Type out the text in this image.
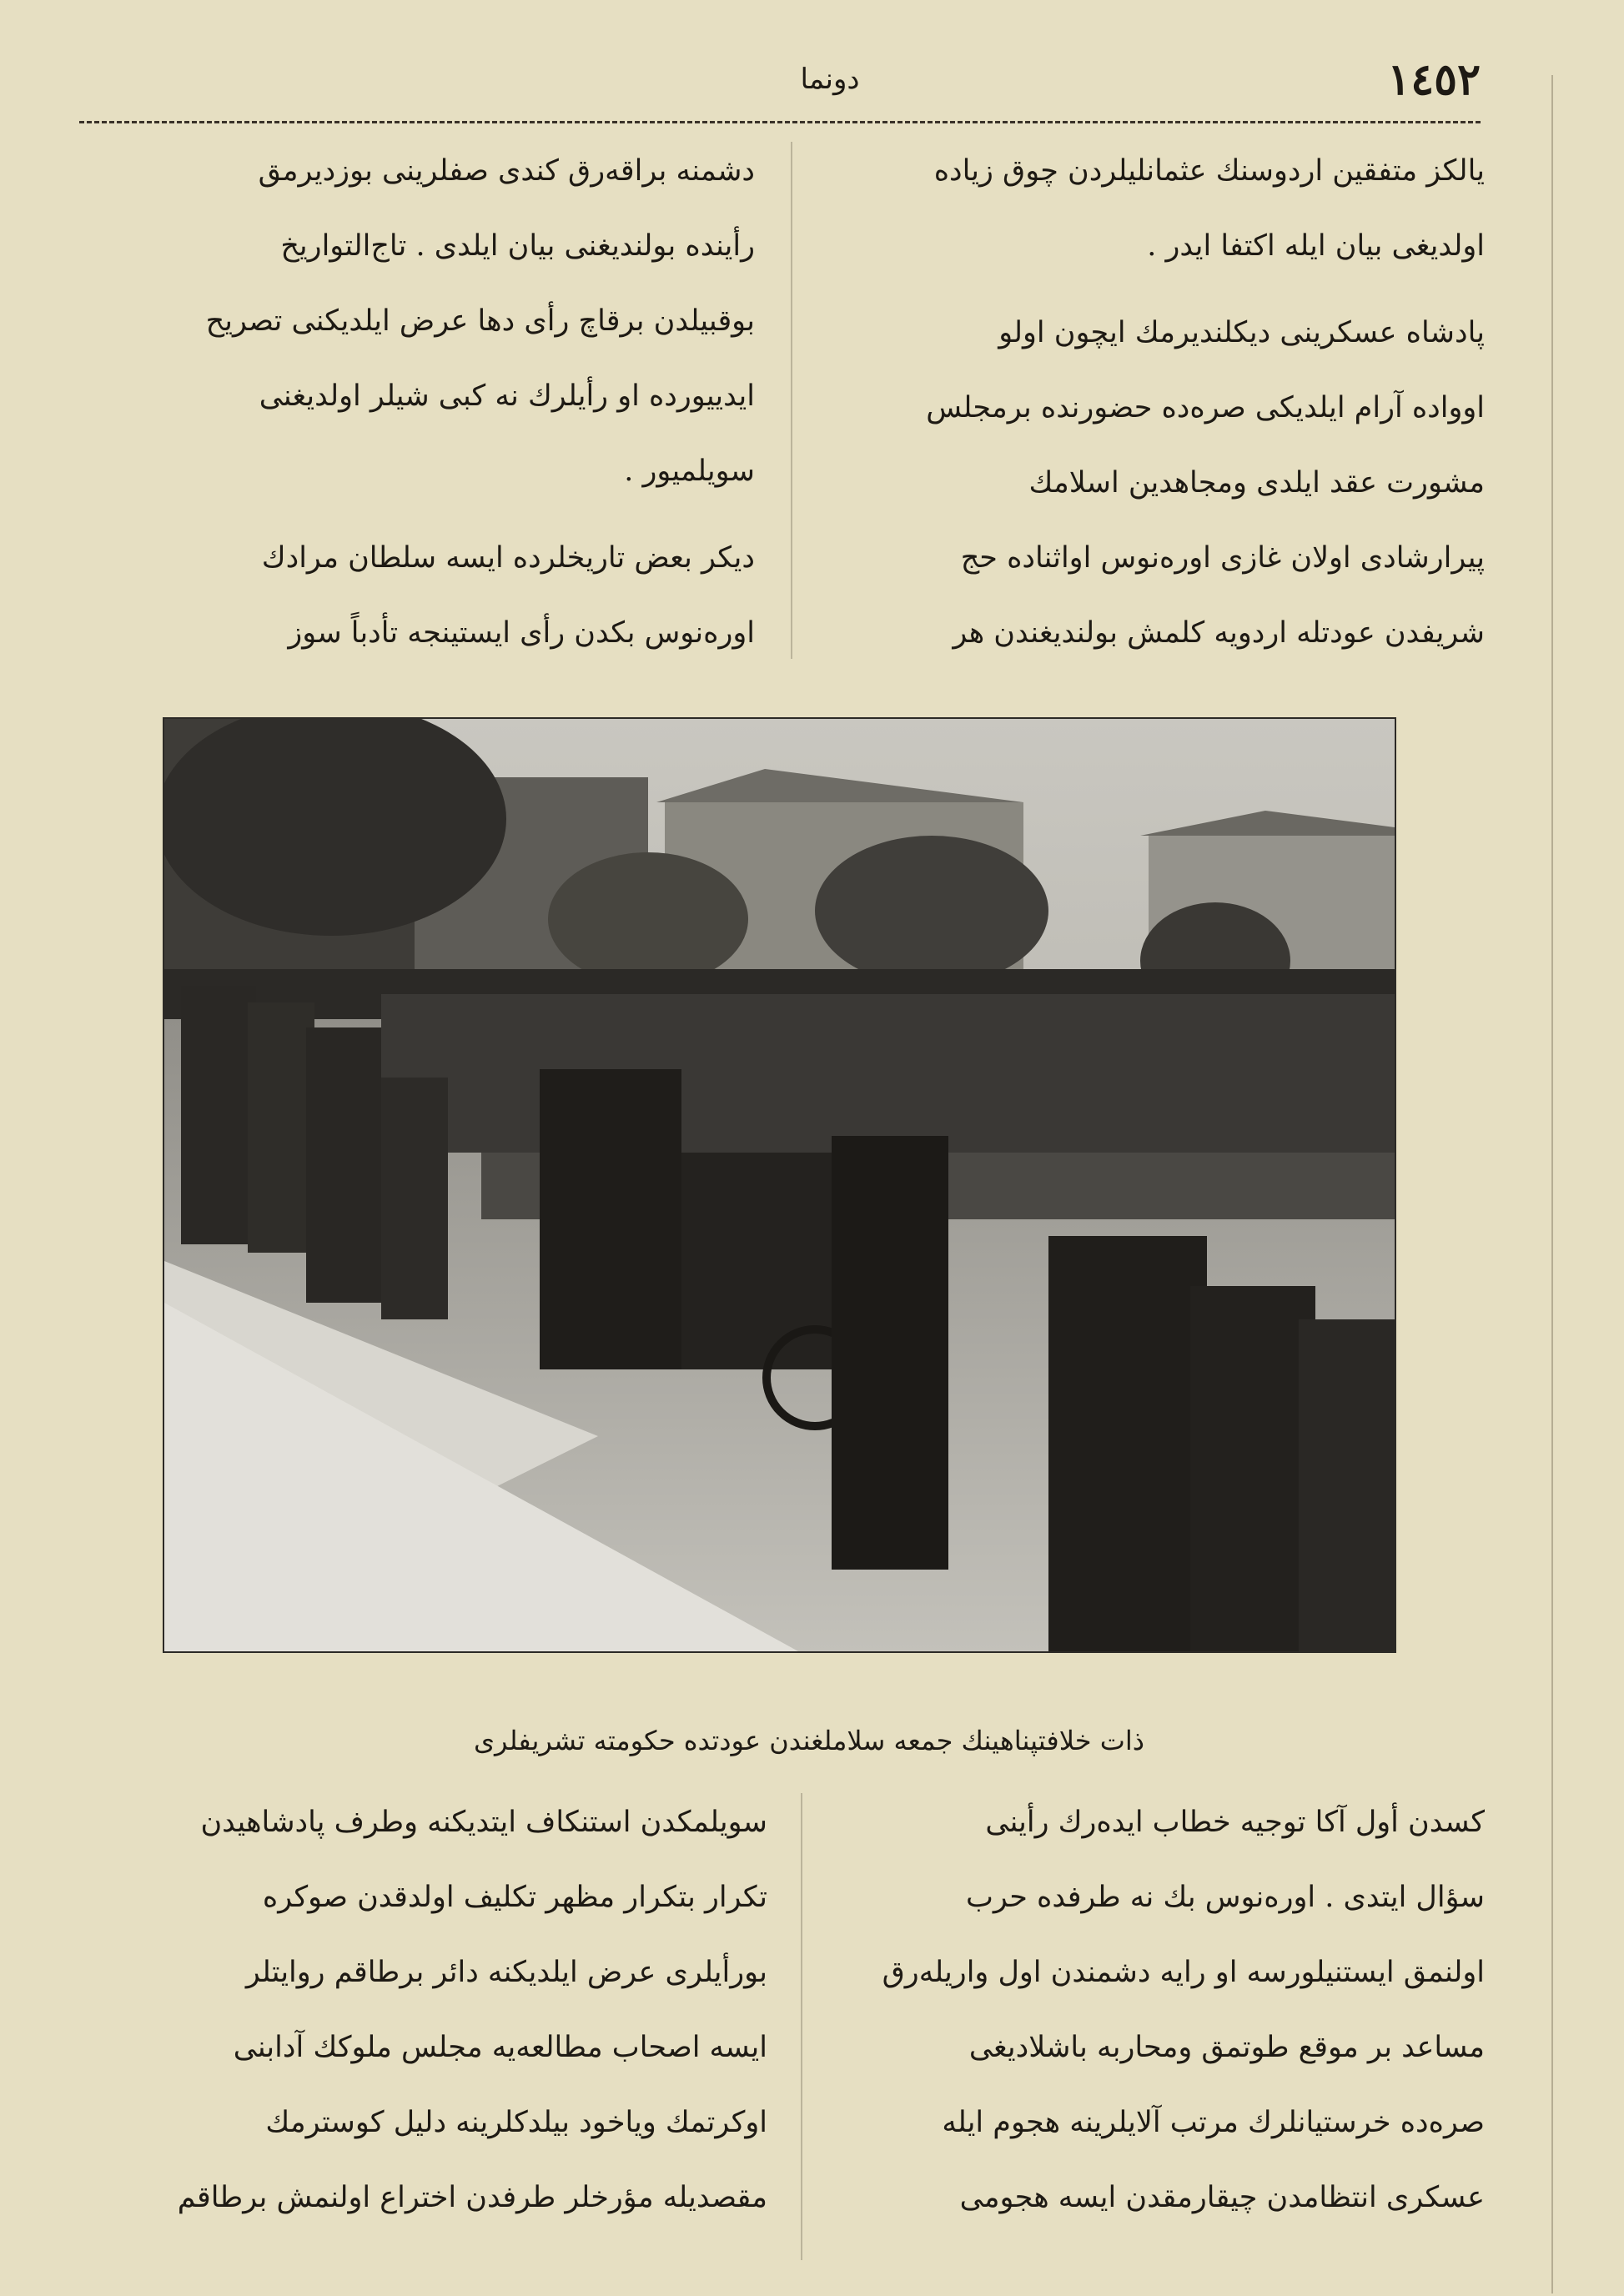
١٤٥٢
دونما
يالكز متفقين اردوسنك عثمانليلردن چوق زياده
اولديغى بيان ايله اكتفا ايدر .
پادشاه عسكرينى ديكلنديرمك ايچون اولو
اوواده آرام ايلديكى صره‌ده حضورنده برمجلس
مشورت عقد ايلدى ومجاهدين اسلامك
پيرارشادى اولان غازى اوره‌نوس اواثناده حج
شريفدن عودتله اردويه كلمش بولنديغندن هر
دشمنه براقه‌رق كندى صفلرينى بوزديرمق
رأينده بولنديغنى بيان ايلدى . تاج‌التواريخ
بوقبيلدن برقاچ رأى دها عرض ايلديكنى تصريح
ايدييورده او رأيلرك نه كبى شيلر اولديغنى
سويلميور .
ديكر بعض تاريخلرده ايسه سلطان مرادك
اوره‌نوس بكدن رأى ايستينجه تأدباً سوز
ذات خلافتپناهينك جمعه سلاملغندن عودتده حكومته تشريفلرى
كسدن أول آكا توجيه خطاب ايده‌رك رأينى
سؤال ايتدى . اوره‌نوس بك نه طرفده حرب
اولنمق ايستنيلورسه او رايه دشمندن اول واريله‌رق
مساعد بر موقع طوتمق ومحاربه باشلاديغى
صره‌ده خرستيانلرك مرتب آلايلرينه هجوم ايله
عسكرى انتظامدن چيقارمقدن ايسه هجومى
سويلمكدن استنكاف ايتديكنه وطرف پادشاهيدن
تكرار بتكرار مظهر تكليف اولدقدن صوكره
بورأيلرى عرض ايلديكنه دائر برطاقم روايتلر
ايسه اصحاب مطالعه‌يه مجلس ملوكك آدابنى
اوكرتمك وياخود بيلدكلرينه دليل كوسترمك
مقصديله مؤرخلر طرفدن اختراع اولنمش برطاقم
